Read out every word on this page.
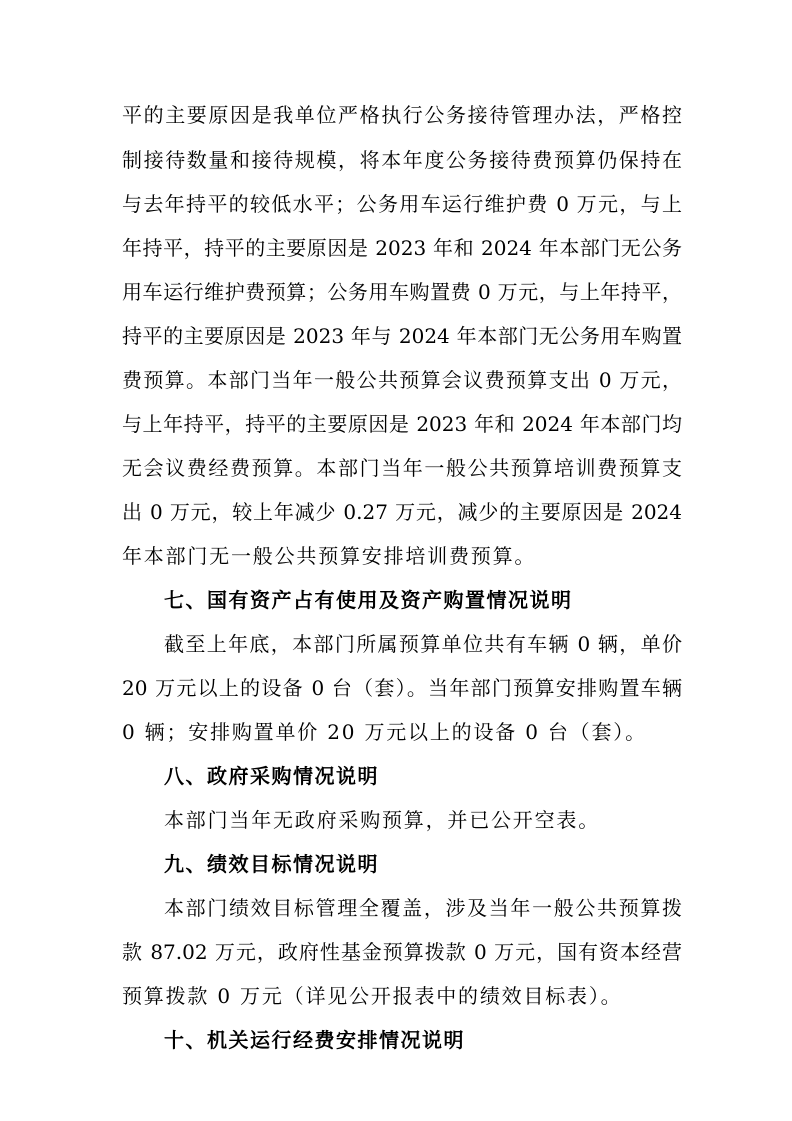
平的主要原因是我单位严格执行公务接待管理办法，严格控
制接待数量和接待规模，将本年度公务接待费预算仍保持在
与去年持平的较低水平；公务用车运行维护费 0 万元，与上
年持平，持平的主要原因是 2023 年和 2024 年本部门无公务
用车运行维护费预算；公务用车购置费 0 万元，与上年持平，
持平的主要原因是 2023 年与 2024 年本部门无公务用车购置
费预算。本部门当年一般公共预算会议费预算支出 0 万元，
与上年持平，持平的主要原因是 2023 年和 2024 年本部门均
无会议费经费预算。本部门当年一般公共预算培训费预算支
出 0 万元，较上年减少 0.27 万元，减少的主要原因是 2024
年本部门无一般公共预算安排培训费预算。
七、国有资产占有使用及资产购置情况说明
截至上年底，本部门所属预算单位共有车辆 0 辆，单价
20 万元以上的设备 0 台（套）。当年部门预算安排购置车辆
0 辆；安排购置单价 20 万元以上的设备 0 台（套）。
八、政府采购情况说明
本部门当年无政府采购预算，并已公开空表。
九、绩效目标情况说明
本部门绩效目标管理全覆盖，涉及当年一般公共预算拨
款 87.02 万元，政府性基金预算拨款 0 万元，国有资本经营
预算拨款 0 万元（详见公开报表中的绩效目标表）。
十、机关运行经费安排情况说明
